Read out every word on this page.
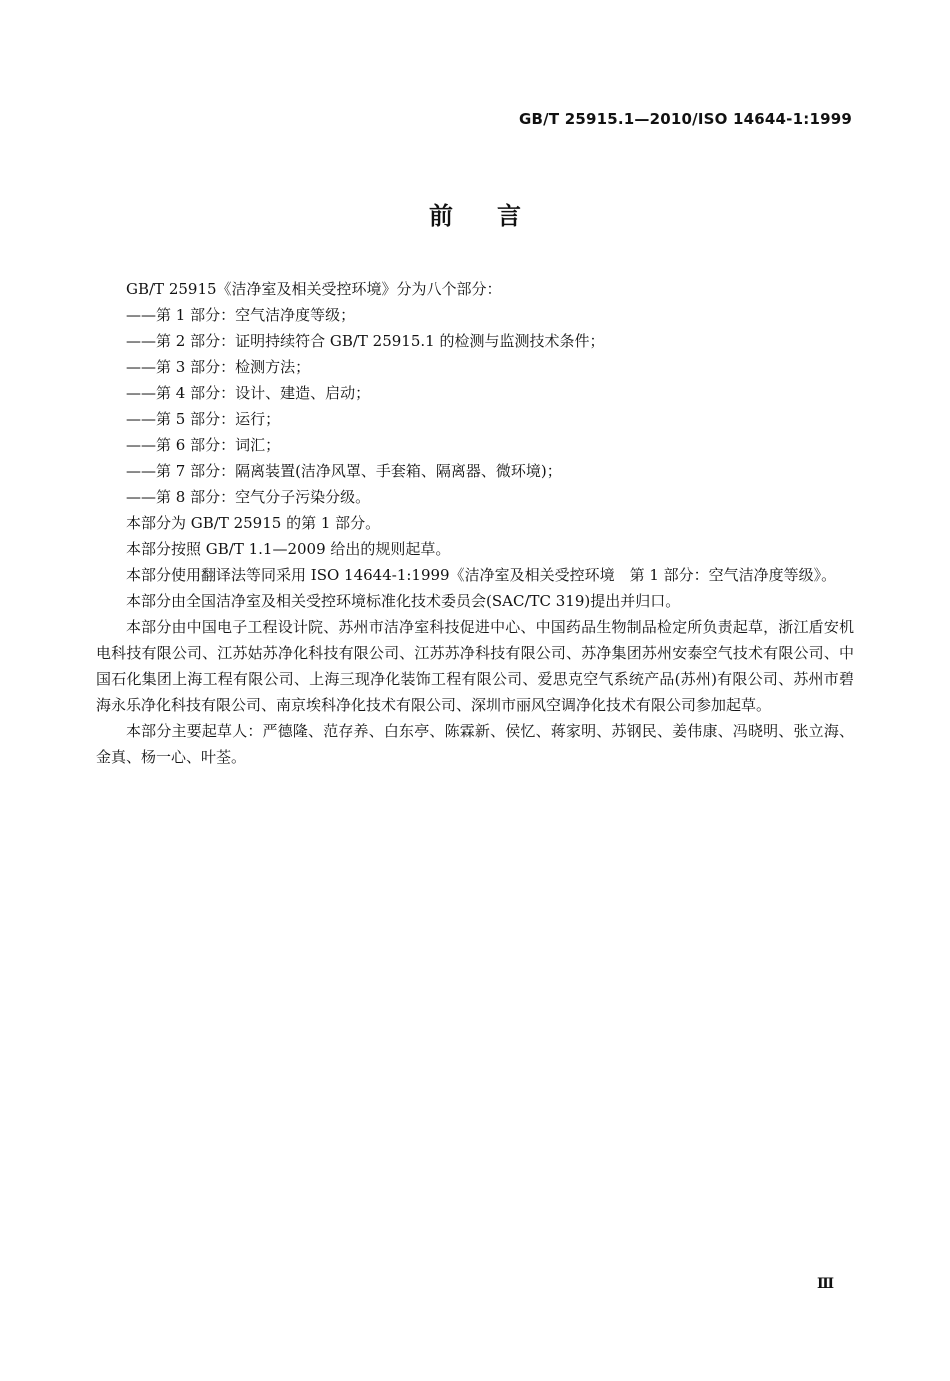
GB/T 25915.1—2010/ISO 14644-1:1999
前 言

GB/T 25915《洁净室及相关受控环境》分为八个部分：

——第 1 部分：空气洁净度等级；
——第 2 部分：证明持续符合 GB/T 25915.1 的检测与监测技术条件；
——第 3 部分：检测方法；
——第 4 部分：设计、建造、启动；
——第 5 部分：运行；
——第 6 部分：词汇；
——第 7 部分：隔离装置(洁净风罩、手套箱、隔离器、微环境)；
——第 8 部分：空气分子污染分级。

本部分为 GB/T 25915 的第 1 部分。

本部分按照 GB/T 1.1—2009 给出的规则起草。

本部分使用翻译法等同采用 ISO 14644-1:1999《洁净室及相关受控环境　第 1 部分：空气洁净度等级》。

本部分由全国洁净室及相关受控环境标准化技术委员会(SAC/TC 319)提出并归口。

本部分由中国电子工程设计院、苏州市洁净室科技促进中心、中国药品生物制品检定所负责起草，浙江盾安机电科技有限公司、江苏姑苏净化科技有限公司、江苏苏净科技有限公司、苏净集团苏州安泰空气技术有限公司、中国石化集团上海工程有限公司、上海三现净化装饰工程有限公司、爱思克空气系统产品(苏州)有限公司、苏州市碧海永乐净化科技有限公司、南京埃科净化技术有限公司、深圳市丽风空调净化技术有限公司参加起草。

本部分主要起草人：严德隆、范存养、白东亭、陈霖新、侯忆、蒋家明、苏钢民、姜伟康、冯晓明、张立海、金真、杨一心、叶荃。

Ⅲ
